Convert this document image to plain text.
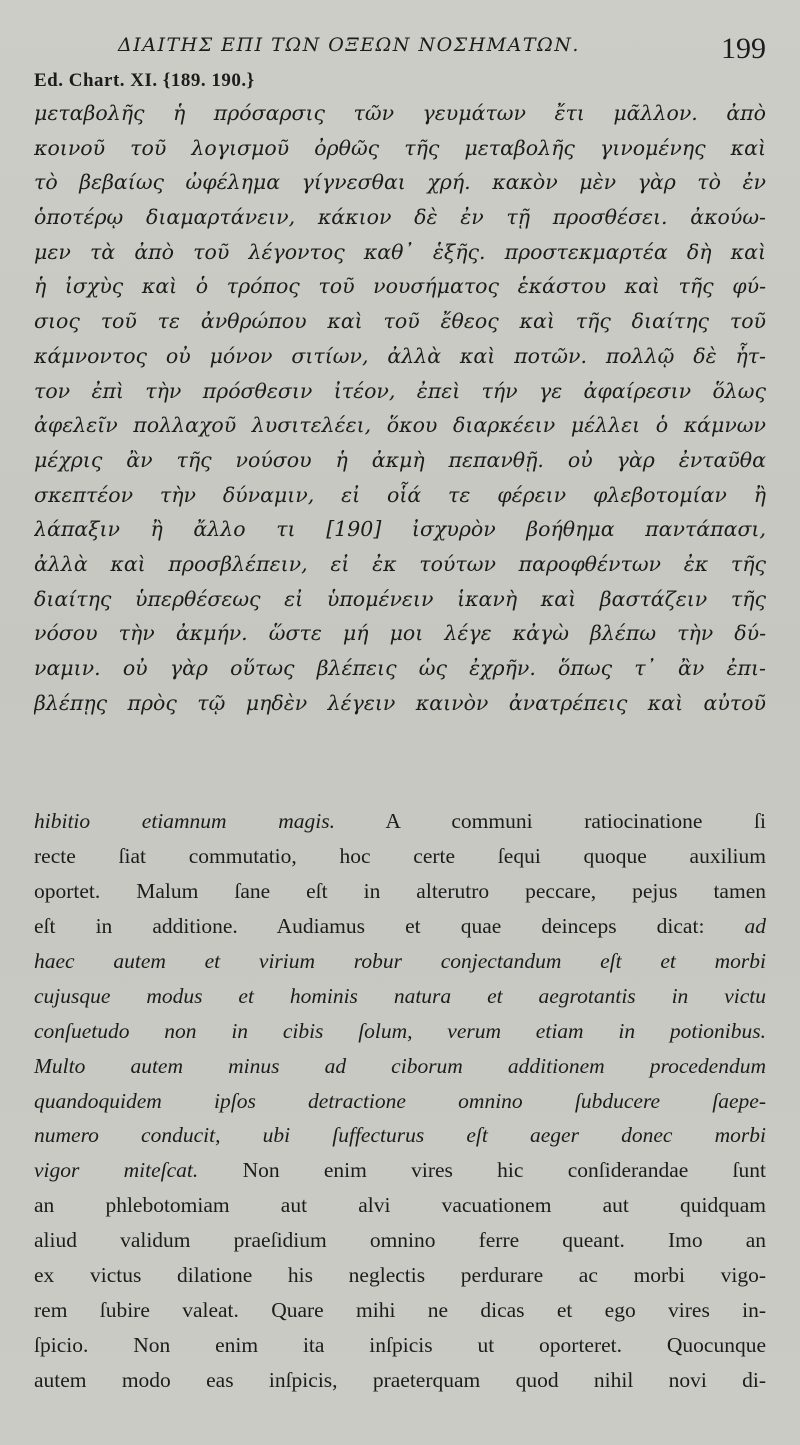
ΔΙΑΙΤΗΣ ΕΠΙ ΤΩΝ ΟΞΕΩΝ ΝΟΣΗΜΑΤΩΝ.	199
Ed. Chart. XI. {189. 190.}
μεταβολῆς ἡ πρόσαρσις τῶν γευμάτων ἔτι μᾶλλον. ἀπὸ
κοινοῦ τοῦ λογισμοῦ ὀρθῶς τῆς μεταβολῆς γινομένης καὶ
τὸ βεβαίως ὠφέλημα γίγνεσθαι χρή. κακὸν μὲν γὰρ τὸ ἐν
ὁποτέρῳ διαμαρτάνειν, κάκιον δὲ ἐν τῇ προσθέσει. ἀκούω-
μεν τὰ ἀπὸ τοῦ λέγοντος καθ᾽ ἑξῆς. προστεκμαρτέα δὴ καὶ
ἡ ἰσχὺς καὶ ὁ τρόπος τοῦ νουσήματος ἑκάστου καὶ τῆς φύ-
σιος τοῦ τε ἀνθρώπου καὶ τοῦ ἔθεος καὶ τῆς διαίτης τοῦ
κάμνοντος οὐ μόνον σιτίων, ἀλλὰ καὶ ποτῶν. πολλῷ δὲ ἧτ-
τον ἐπὶ τὴν πρόσθεσιν ἰτέον, ἐπεὶ τήν γε ἀφαίρεσιν ὅλως
ἀφελεῖν πολλαχοῦ λυσιτελέει, ὅκου διαρκέειν μέλλει ὁ κάμνων
μέχρις ἂν τῆς νούσου ἡ ἀκμὴ πεπανθῇ. οὐ γὰρ ἐνταῦθα
σκεπτέον τὴν δύναμιν, εἰ οἷά τε φέρειν φλεβοτομίαν ἢ
λάπαξιν ἢ ἄλλο τι [190] ἰσχυρὸν βοήθημα παντάπασι,
ἀλλὰ καὶ προσβλέπειν, εἰ ἐκ τούτων παροφθέντων ἐκ τῆς
διαίτης ὑπερθέσεως εἰ ὑπομένειν ἱκανὴ καὶ βαστάζειν τῆς
νόσου τὴν ἀκμήν. ὥστε μή μοι λέγε κἀγὼ βλέπω τὴν δύ-
ναμιν. οὐ γὰρ οὕτως βλέπεις ὡς ἐχρῆν. ὅπως τ᾽ ἂν ἐπι-
βλέπῃς πρὸς τῷ μηδὲν λέγειν καινὸν ἀνατρέπεις καὶ αὐτοῦ
hibitio etiamnum magis. A communi ratiocinatione ſi
recte ſiat commutatio, hoc certe ſequi quoque auxilium
oportet. Malum ſane eſt in alterutro peccare, pejus tamen
eſt in additione. Audiamus et quae deinceps dicat: ad
haec autem et virium robur conjectandum eſt et morbi
cujusque modus et hominis natura et aegrotantis in victu
conſuetudo non in cibis ſolum, verum etiam in potionibus.
Multo autem minus ad ciborum additionem procedendum
quandoquidem ipſos detractione omnino ſubducere ſaepe-
numero conducit, ubi ſuffecturus eſt aeger donec morbi
vigor miteſcat. Non enim vires hic conſiderandae ſunt
an phlebotomiam aut alvi vacuationem aut quidquam
aliud validum praeſidium omnino ferre queant. Imo an
ex victus dilatione his neglectis perdurare ac morbi vigo-
rem ſubire valeat. Quare mihi ne dicas et ego vires in-
ſpicio. Non enim ita inſpicis ut oporteret. Quocunque
autem modo eas inſpicis, praeterquam quod nihil novi di-
